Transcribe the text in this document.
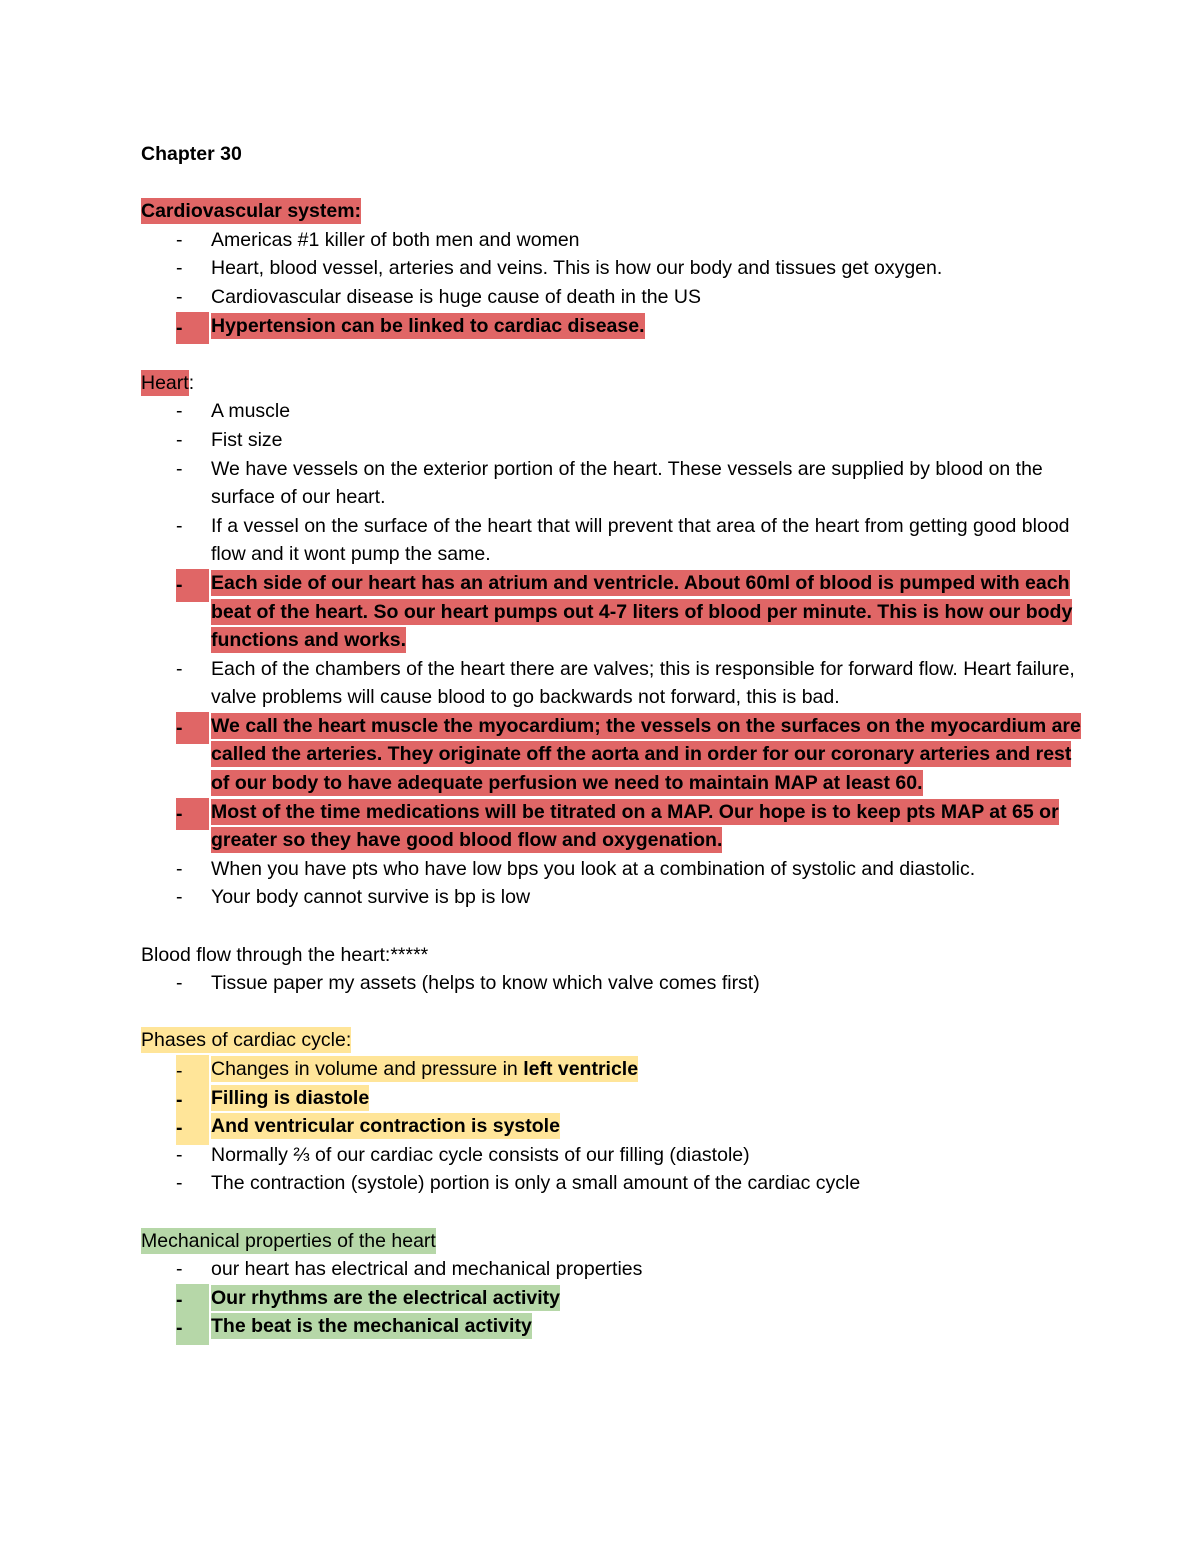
Chapter 30
Cardiovascular system:
- Americas #1 killer of both men and women
- Heart, blood vessel, arteries and veins. This is how our body and tissues get oxygen.
- Cardiovascular disease is huge cause of death in the US
-	Hypertension can be linked to cardiac disease.
Heart:
- A muscle
- Fist size
- We have vessels on the exterior portion of the heart. These vessels are supplied by blood on the surface of our heart.
- If a vessel on the surface of the heart that will prevent that area of the heart from getting good blood flow and it wont pump the same.
-	Each side of our heart has an atrium and ventricle. About 60ml of blood is pumped with each beat of the heart. So our heart pumps out 4-7 liters of blood per minute. This is how our body functions and works.
- Each of the chambers of the heart there are valves; this is responsible for forward flow. Heart failure, valve problems will cause blood to go backwards not forward, this is bad.
-	We call the heart muscle the myocardium; the vessels on the surfaces on the myocardium are called the arteries. They originate off the aorta and in order for our coronary arteries and rest of our body to have adequate perfusion we need to maintain MAP at least 60.
-	Most of the time medications will be titrated on a MAP. Our hope is to keep pts MAP at 65 or greater so they have good blood flow and oxygenation.
- When you have pts who have low bps you look at a combination of systolic and diastolic.
- Your body cannot survive is bp is low
Blood flow through the heart:*****
- Tissue paper my assets (helps to know which valve comes first)
Phases of cardiac cycle:
-	Changes in volume and pressure in left ventricle
-	Filling is diastole
-	And ventricular contraction is systole
- Normally ⅔ of our cardiac cycle consists of our filling (diastole)
- The contraction (systole) portion is only a small amount of the cardiac cycle
Mechanical properties of the heart
- our heart has electrical and mechanical properties
-	Our rhythms are the electrical activity
-	The beat is the mechanical activity
